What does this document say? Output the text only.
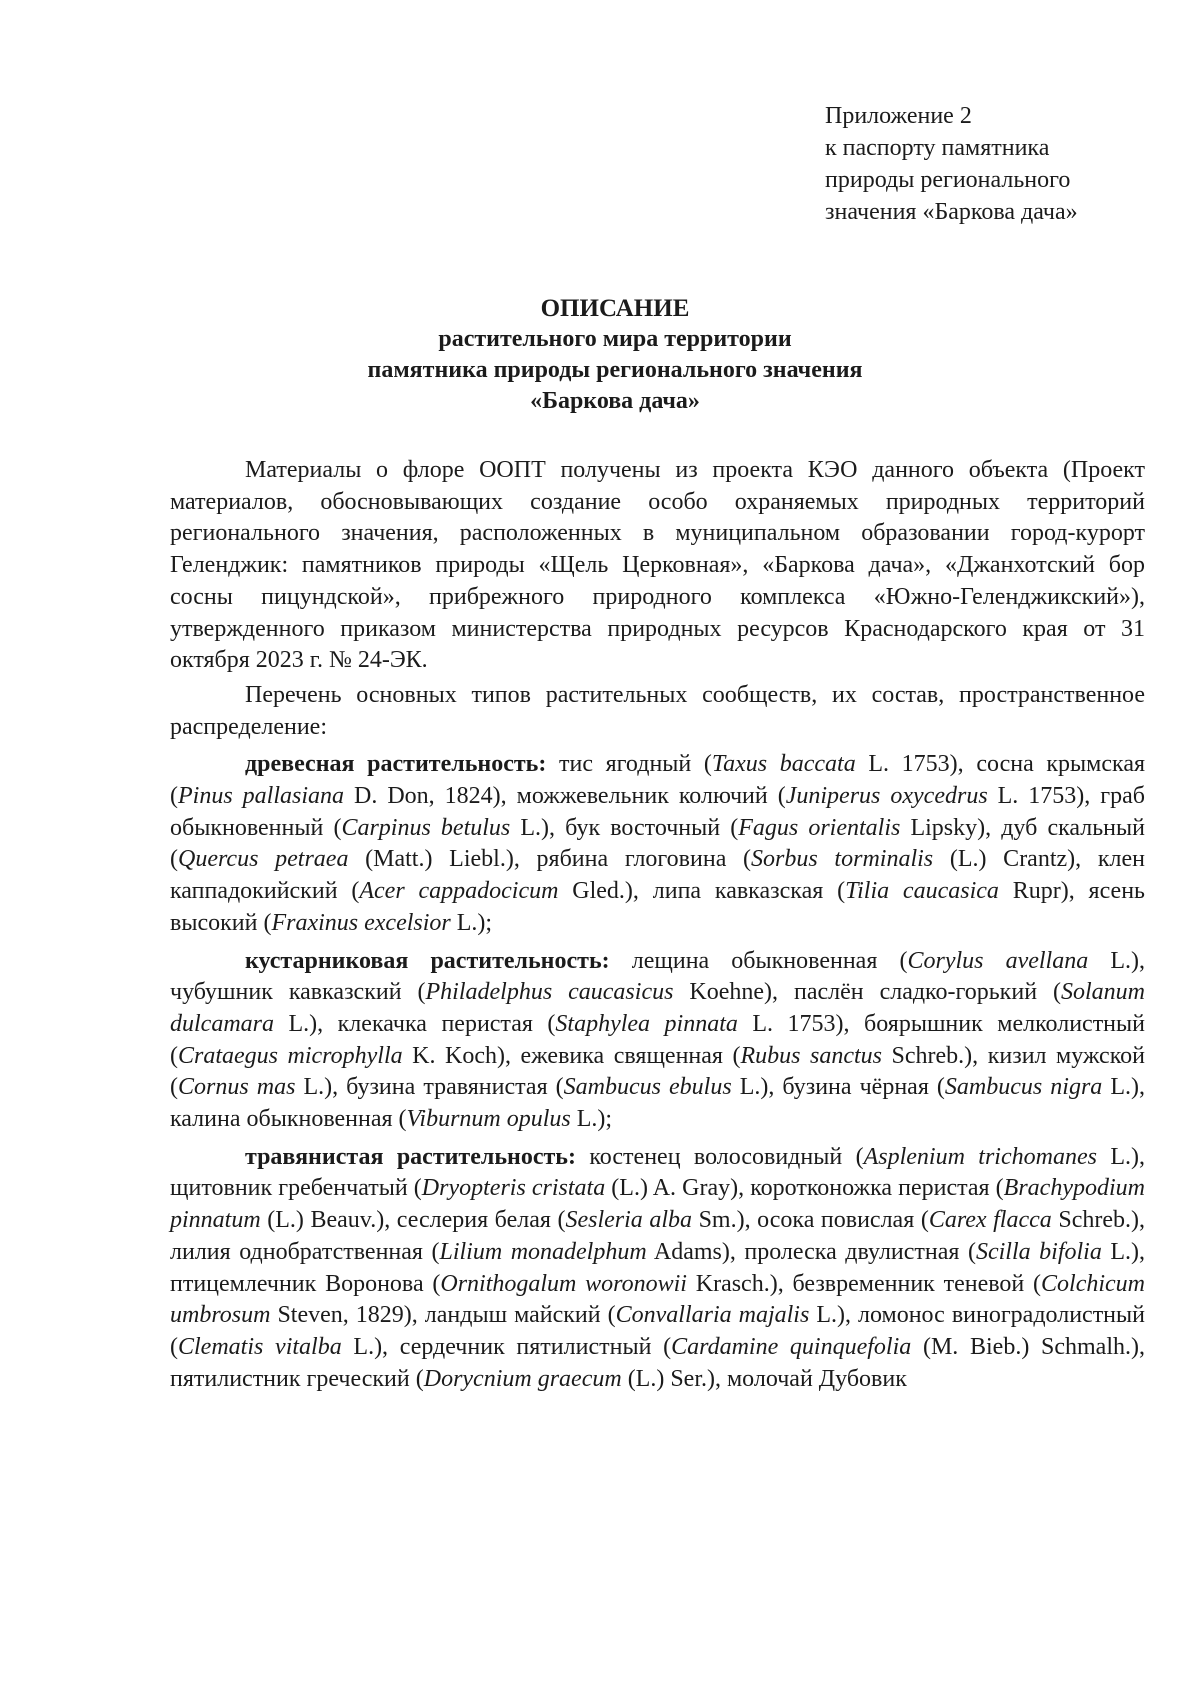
Приложение 2
к паспорту памятника
природы регионального
значения «Баркова дача»
ОПИСАНИЕ
растительного мира территории
памятника природы регионального значения
«Баркова дача»

Материалы о флоре ООПТ получены из проекта КЭО данного объекта (Проект материалов, обосновывающих создание особо охраняемых природных территорий регионального значения, расположенных в муниципальном образовании город-курорт Геленджик: памятников природы «Щель Церковная», «Баркова дача», «Джанхотский бор сосны пицундской», прибрежного природного комплекса «Южно-Геленджикский»), утвержденного приказом министерства природных ресурсов Краснодарского края от 31 октября 2023 г. № 24-ЭК.

Перечень основных типов растительных сообществ, их состав, пространственное распределение:

древесная растительность: тис ягодный (Taxus baccata L. 1753), сосна крымская (Pinus pallasiana D. Don, 1824), можжевельник колючий (Juniperus oxycedrus L. 1753), граб обыкновенный (Carpinus betulus L.), бук восточный (Fagus orientalis Lipsky), дуб скальный (Quercus petraea (Matt.) Liebl.), рябина глоговина (Sorbus torminalis (L.) Crantz), клен каппадокийский (Acer cappadocicum Gled.), липа кавказская (Tilia caucasica Rupr), ясень высокий (Fraxinus excelsior L.);

кустарниковая растительность: лещина обыкновенная (Corylus avellana L.), чубушник кавказский (Philadelphus caucasicus Koehne), паслён сладко-горький (Solanum dulcamara L.), клекачка перистая (Staphylea pinnata L. 1753), боярышник мелколистный (Crataegus microphylla K. Koch), ежевика священная (Rubus sanctus Schreb.), кизил мужской (Cornus mas L.), бузина травянистая (Sambucus ebulus L.), бузина чёрная (Sambucus nigra L.), калина обыкновенная (Viburnum opulus L.);

травянистая растительность: костенец волосовидный (Asplenium trichomanes L.), щитовник гребенчатый (Dryopteris cristata (L.) A. Gray), коротконожка перистая (Brachypodium pinnatum (L.) Beauv.), сеслерия белая (Sesleria alba Sm.), осока повислая (Carex flacca Schreb.), лилия однобратственная (Lilium monadelphum Adams), пролеска двулистная (Scilla bifolia L.), птицемлечник Воронова (Ornithogalum woronowii Krasch.), безвременник теневой (Colchicum umbrosum Steven, 1829), ландыш майский (Convallaria majalis L.), ломонос виноградолистный (Clematis vitalba L.), сердечник пятилистный (Cardamine quinquefolia (M. Bieb.) Schmalh.), пятилистник греческий (Dorycnium graecum (L.) Ser.), молочай Дубовик
